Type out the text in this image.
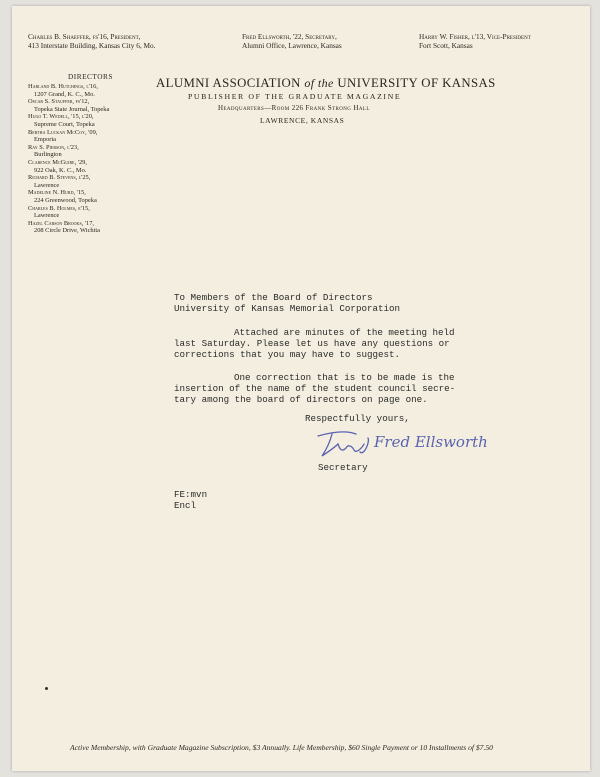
Charles B. Shaeffer, fs'16, President,
413 Interstate Building, Kansas City 6, Mo.
Fred Ellsworth, '22, Secretary,
Alumni Office, Lawrence, Kansas
Harry W. Fisher, l'13, Vice-President
Fort Scott, Kansas
DIRECTORS
Harland B. Hutchings, l'16,
1207 Grand, K. C., Mo.
Oscar S. Stauffer, fs'12,
Topeka State Journal, Topeka
Hugo T. Wedell, '15, l'20,
Supreme Court, Topeka
Bertha Luckan McCoy, '09,
Emporia
Ray S. Pierson, l'23,
Burlington
Clarence McGuire, '29,
922 Oak, K. C., Mo.
Richard B. Stevens, l'25,
Lawrence
Madeline N. Hurd, '15,
224 Greenwood, Topeka
Charles B. Holmes, e'15,
Lawrence
Hazel Carson Brooks, '17,
208 Circle Drive, Wichita
ALUMNI ASSOCIATION of the UNIVERSITY OF KANSAS
PUBLISHER OF THE GRADUATE MAGAZINE
Headquarters—Room 226 Frank Strong Hall
LAWRENCE, KANSAS
To Members of the Board of Directors
University of Kansas Memorial Corporation
Attached are minutes of the meeting held
last Saturday. Please let us have any questions or
corrections that you may have to suggest.
One correction that is to be made is the
insertion of the name of the student council secre-
tary among the board of directors on page one.
Respectfully yours,
Fred Ellsworth
Secretary
FE:mvn
Encl
Active Membership, with Graduate Magazine Subscription, $3 Annually. Life Membership, $60 Single Payment or 10 Installments of $7.50
